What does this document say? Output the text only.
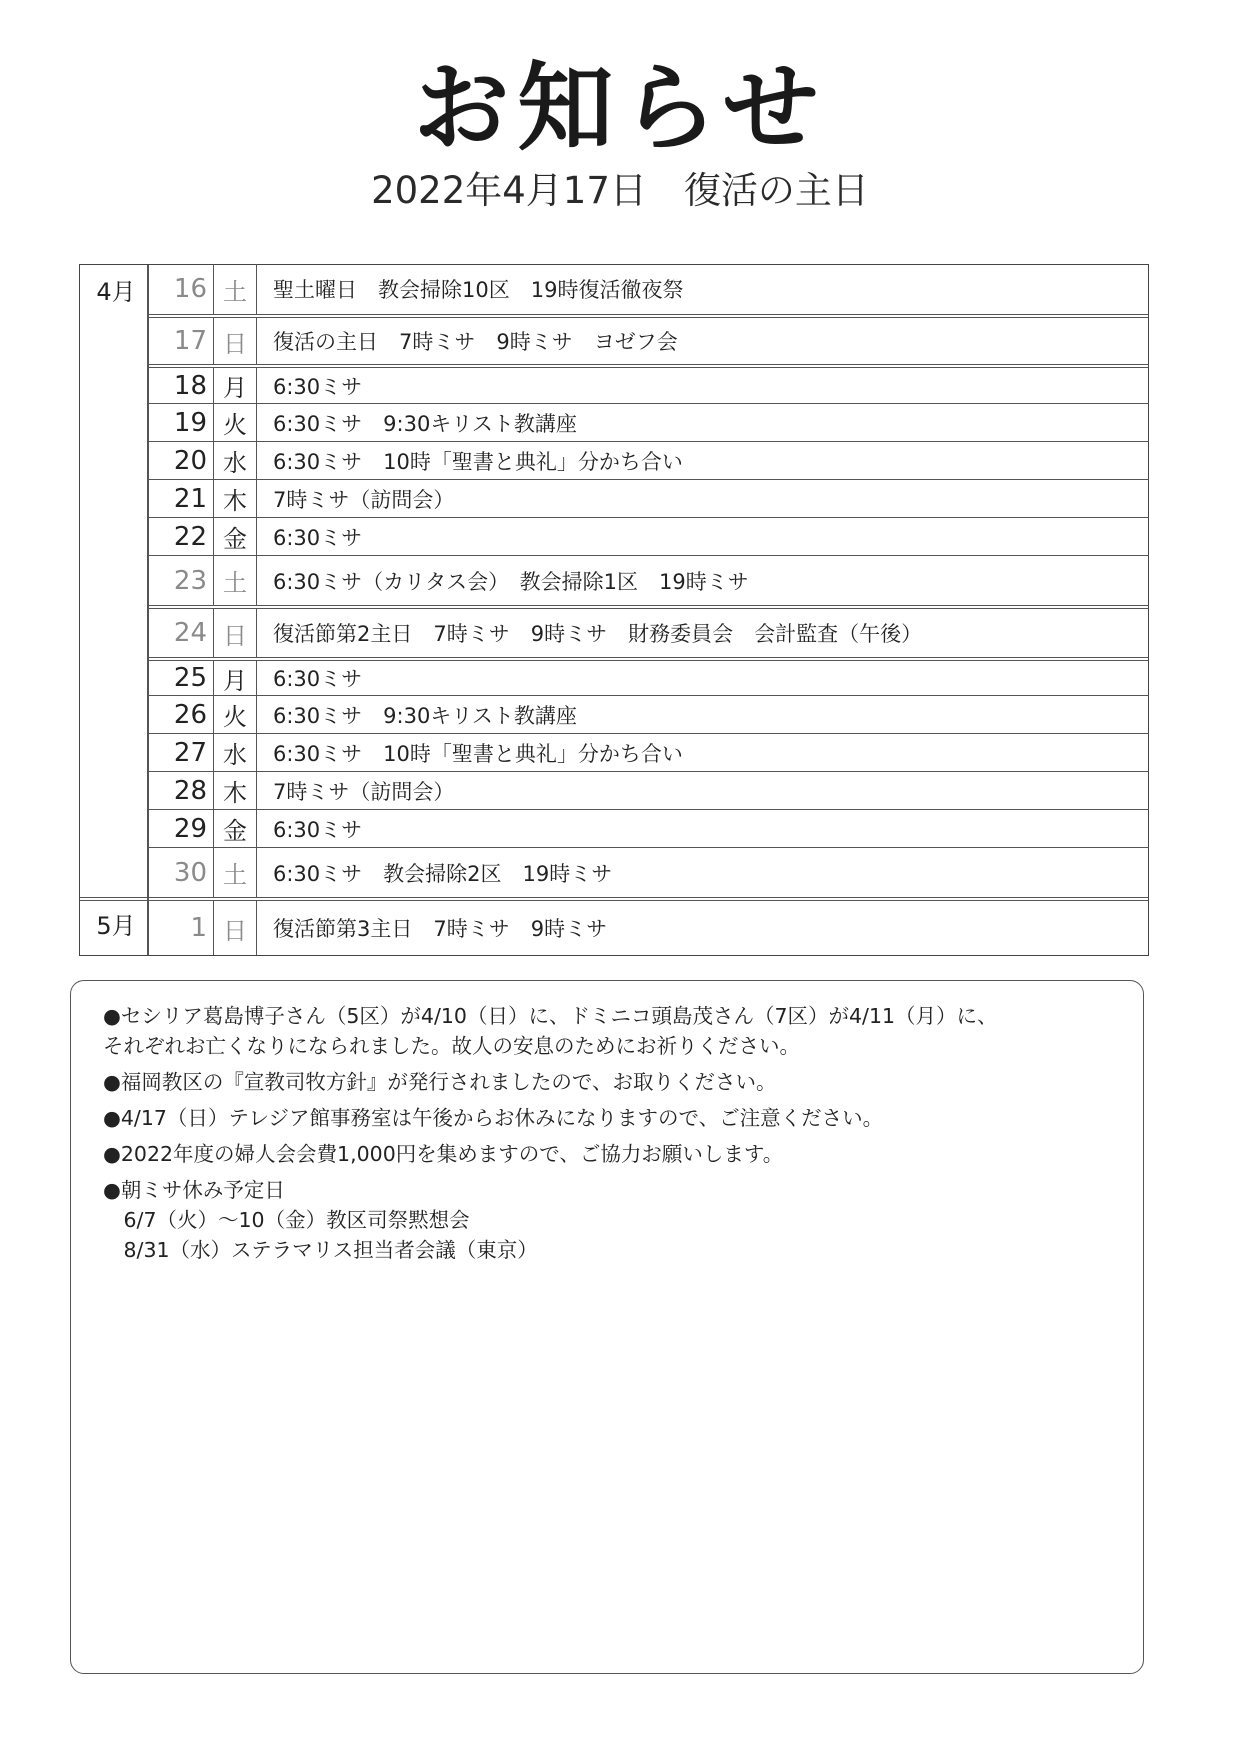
お知らせ
2022年4月17日　復活の主日
4月
5月
16 土	聖土曜日　教会掃除10区　19時復活徹夜祭
17 日	復活の主日　7時ミサ　9時ミサ　ヨゼフ会
18 月	6:30ミサ
19 火	6:30ミサ　9:30キリスト教講座
20 水	6:30ミサ　10時「聖書と典礼」分かち合い
21 木	7時ミサ（訪問会）
22 金	6:30ミサ
23 土	6:30ミサ（カリタス会）　教会掃除1区　19時ミサ
24 日	復活節第2主日　7時ミサ　9時ミサ　財務委員会　会計監査（午後）
25 月	6:30ミサ
26 火	6:30ミサ　9:30キリスト教講座
27 水	6:30ミサ　10時「聖書と典礼」分かち合い
28 木	7時ミサ（訪問会）
29 金	6:30ミサ
30 土	6:30ミサ　教会掃除2区　19時ミサ
1 日	復活節第3主日　7時ミサ　9時ミサ
●セシリア葛島博子さん（5区）が4/10（日）に、ドミニコ頭島茂さん（7区）が4/11（月）に、
それぞれお亡くなりになられました。故人の安息のためにお祈りください。
●福岡教区の『宣教司牧方針』が発行されましたので、お取りください。
●4/17（日）テレジア館事務室は午後からお休みになりますので、ご注意ください。
●2022年度の婦人会会費1,000円を集めますので、ご協力お願いします。
●朝ミサ休み予定日
　6/7（火）～10（金）教区司祭黙想会
　8/31（水）ステラマリス担当者会議（東京）
